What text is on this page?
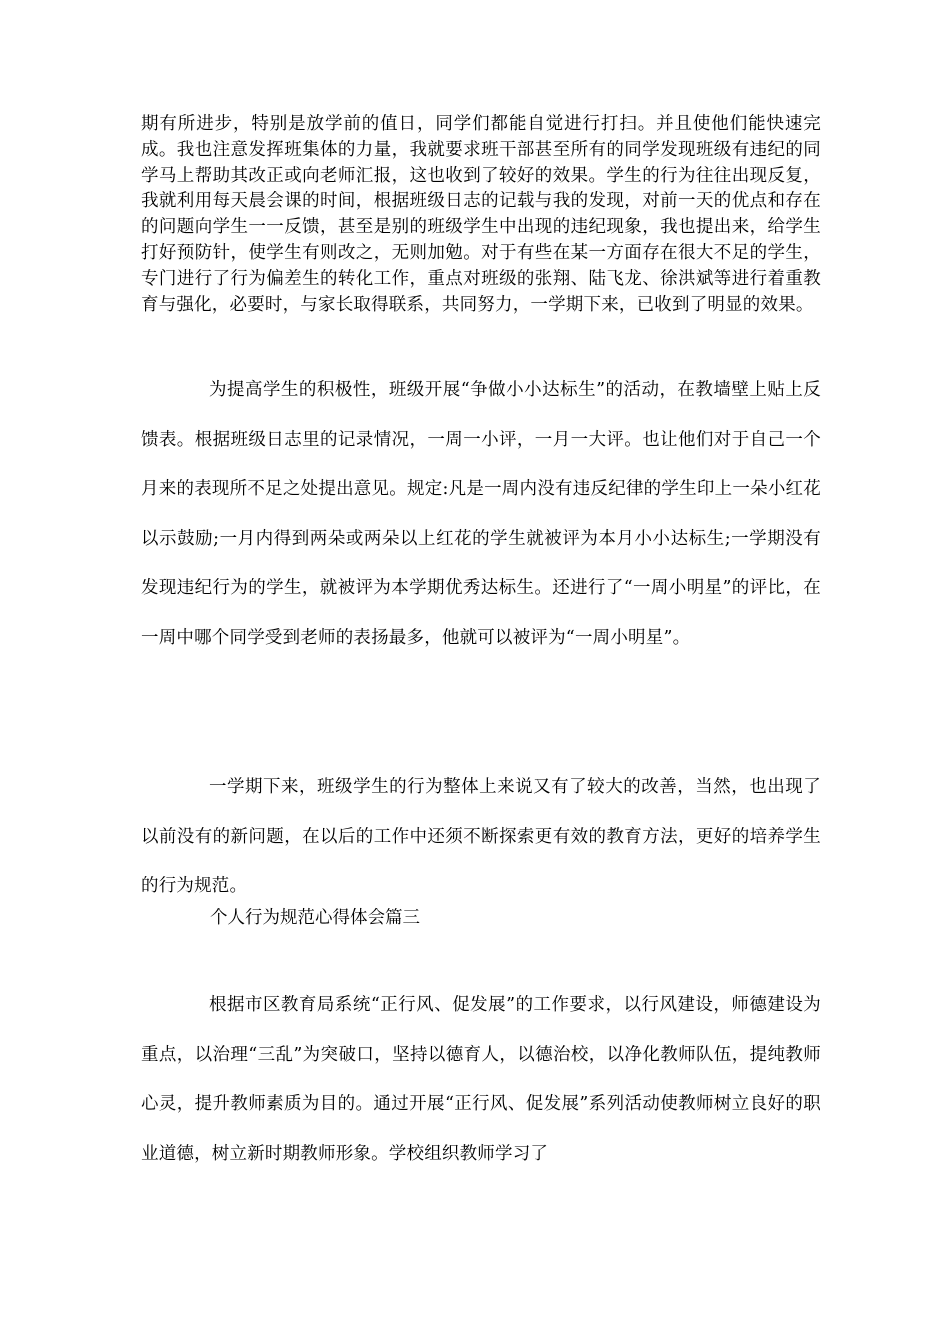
期有所进步，特别是放学前的值日，同学们都能自觉进行打扫。并且使他们能快速完成。我也注意发挥班集体的力量，我就要求班干部甚至所有的同学发现班级有违纪的同学马上帮助其改正或向老师汇报，这也收到了较好的效果。学生的行为往往出现反复，我就利用每天晨会课的时间，根据班级日志的记载与我的发现，对前一天的优点和存在的问题向学生一一反馈，甚至是别的班级学生中出现的违纪现象，我也提出来，给学生打好预防针，使学生有则改之，无则加勉。对于有些在某一方面存在很大不足的学生，专门进行了行为偏差生的转化工作，重点对班级的张翔、陆飞龙、徐洪斌等进行着重教育与强化，必要时，与家长取得联系，共同努力，一学期下来，已收到了明显的效果。

为提高学生的积极性，班级开展“争做小小达标生”的活动，在教墙壁上贴上反馈表。根据班级日志里的记录情况，一周一小评，一月一大评。也让他们对于自己一个月来的表现所不足之处提出意见。规定:凡是一周内没有违反纪律的学生印上一朵小红花以示鼓励;一月内得到两朵或两朵以上红花的学生就被评为本月小小达标生;一学期没有发现违纪行为的学生，就被评为本学期优秀达标生。还进行了“一周小明星”的评比，在一周中哪个同学受到老师的表扬最多，他就可以被评为“一周小明星”。

一学期下来，班级学生的行为整体上来说又有了较大的改善，当然，也出现了以前没有的新问题，在以后的工作中还须不断探索更有效的教育方法，更好的培养学生的行为规范。

个人行为规范心得体会篇三

根据市区教育局系统“正行风、促发展”的工作要求，以行风建设，师德建设为重点，以治理“三乱”为突破口，坚持以德育人，以德治校，以净化教师队伍，提纯教师心灵，提升教师素质为目的。通过开展“正行风、促发展”系列活动使教师树立良好的职业道德，树立新时期教师形象。学校组织教师学习了
